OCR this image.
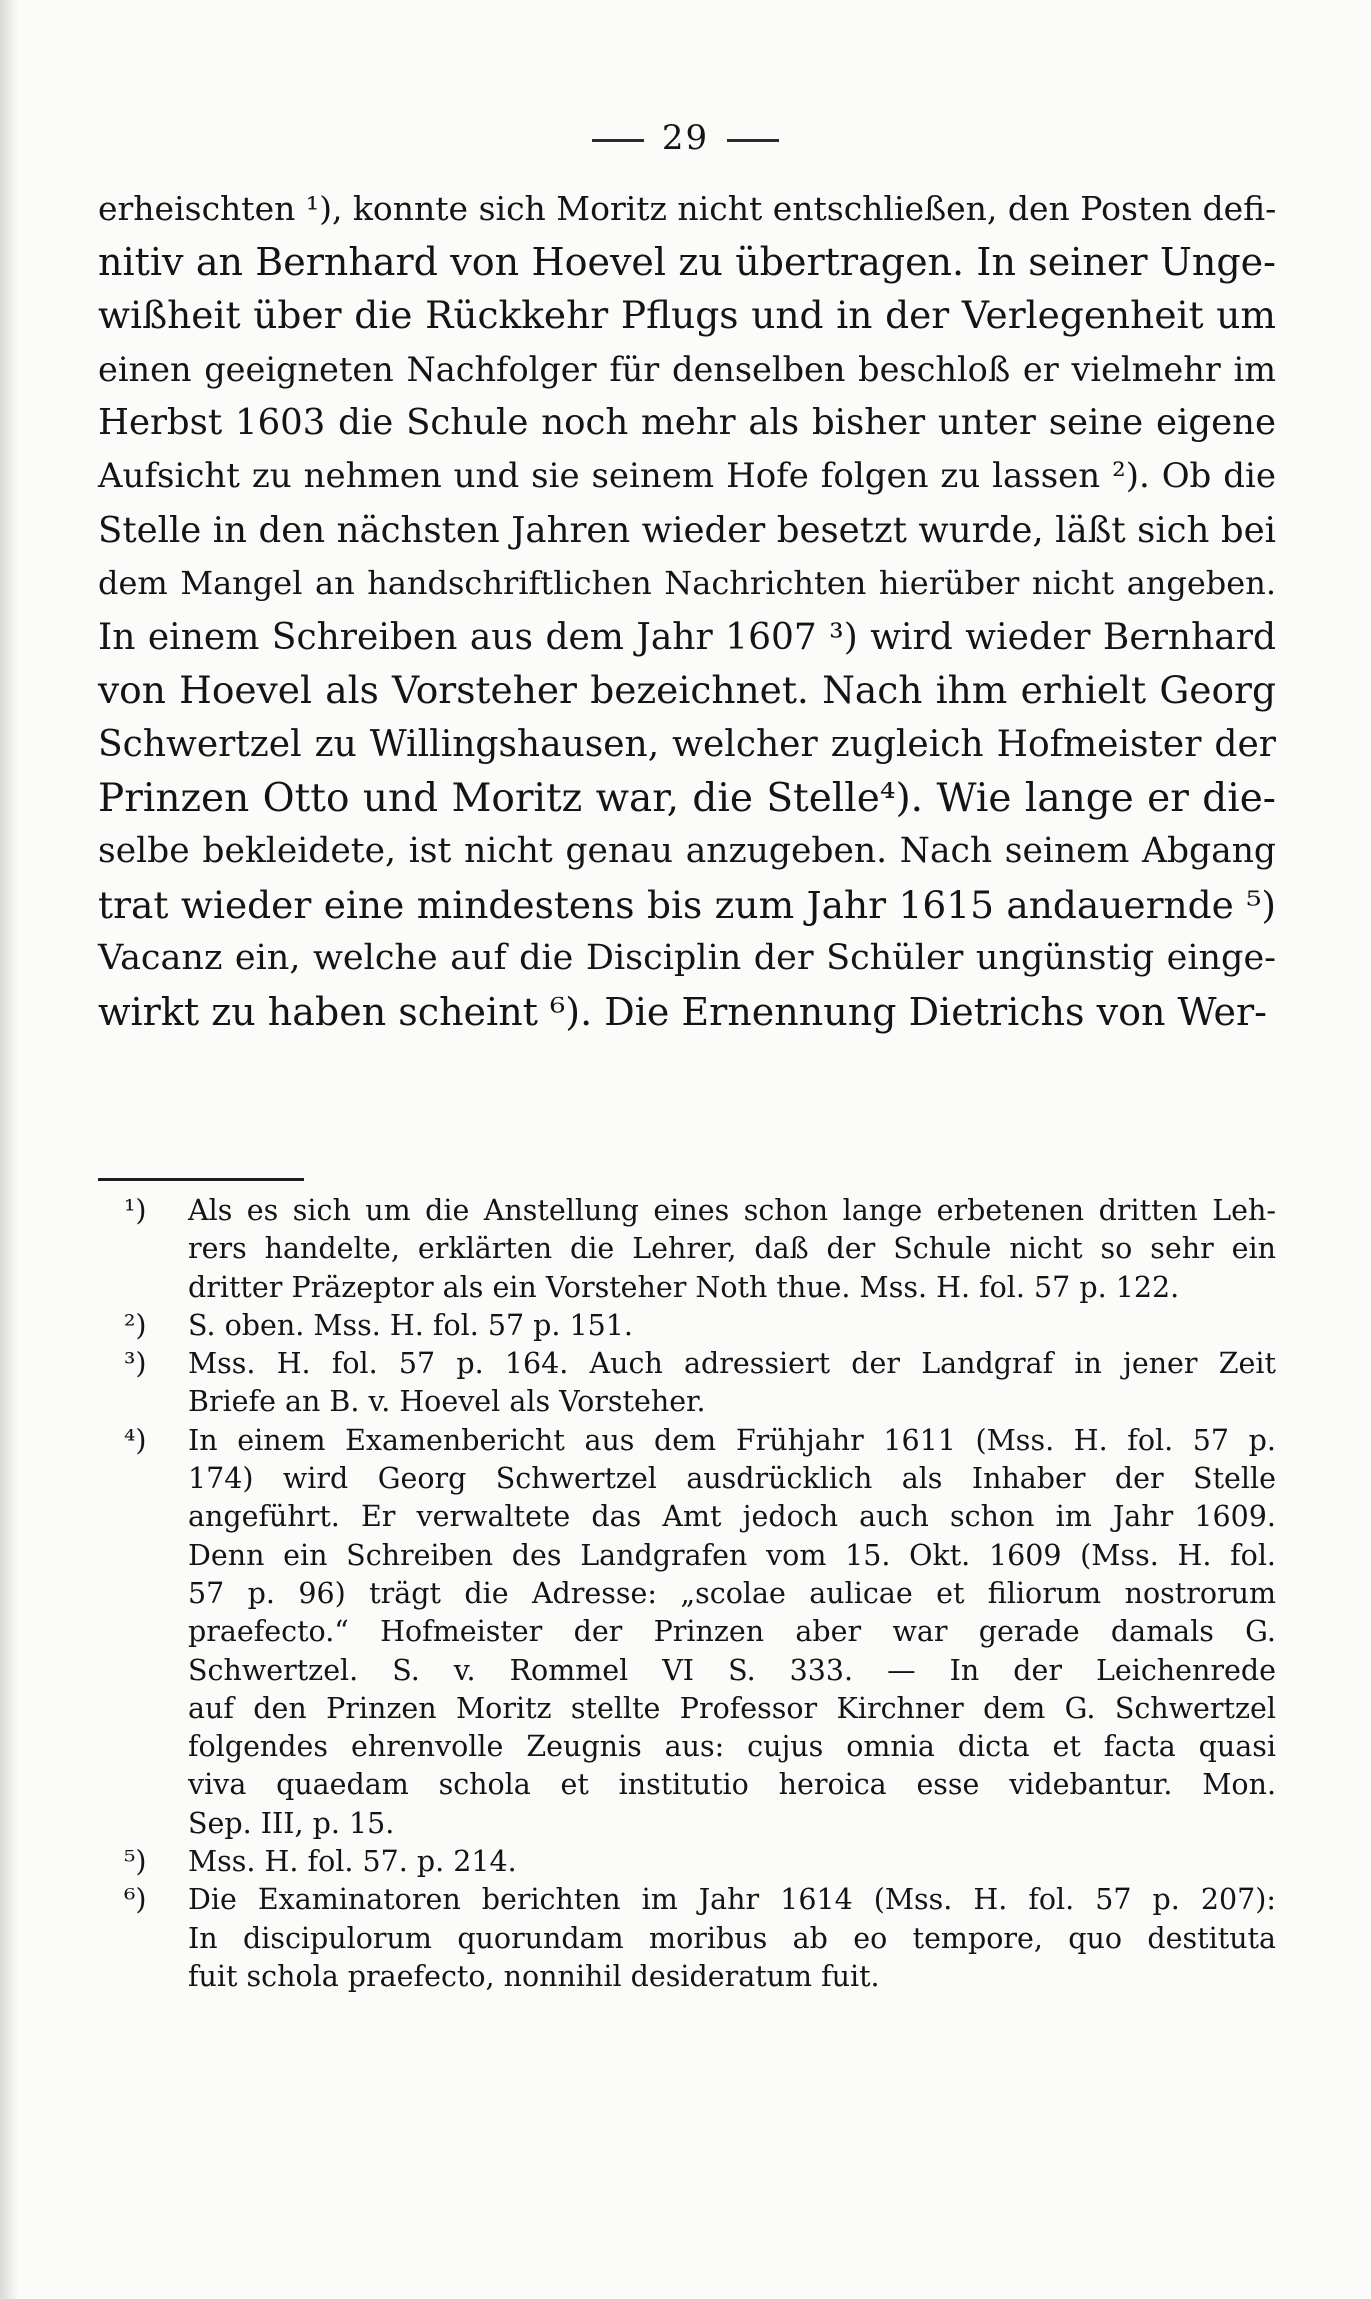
29
erheischten ¹), konnte sich Moritz nicht entschließen, den Posten defi-
nitiv an Bernhard von Hoevel zu übertragen. In seiner Unge-
wißheit über die Rückkehr Pflugs und in der Verlegenheit um
einen geeigneten Nachfolger für denselben beschloß er vielmehr im
Herbst 1603 die Schule noch mehr als bisher unter seine eigene
Aufsicht zu nehmen und sie seinem Hofe folgen zu lassen ²). Ob die
Stelle in den nächsten Jahren wieder besetzt wurde, läßt sich bei
dem Mangel an handschriftlichen Nachrichten hierüber nicht angeben.
In einem Schreiben aus dem Jahr 1607 ³) wird wieder Bernhard
von Hoevel als Vorsteher bezeichnet. Nach ihm erhielt Georg
Schwertzel zu Willingshausen, welcher zugleich Hofmeister der
Prinzen Otto und Moritz war, die Stelle⁴). Wie lange er die-
selbe bekleidete, ist nicht genau anzugeben. Nach seinem Abgang
trat wieder eine mindestens bis zum Jahr 1615 andauernde ⁵)
Vacanz ein, welche auf die Disciplin der Schüler ungünstig einge-
wirkt zu haben scheint ⁶). Die Ernennung Dietrichs von Wer-
¹)	Als es sich um die Anstellung eines schon lange erbetenen dritten Leh-
rers handelte, erklärten die Lehrer, daß der Schule nicht so sehr ein
dritter Präzeptor als ein Vorsteher Noth thue. Mss. H. fol. 57 p. 122.
²)	S. oben. Mss. H. fol. 57 p. 151.
³)	Mss. H. fol. 57 p. 164. Auch adressiert der Landgraf in jener Zeit
Briefe an B. v. Hoevel als Vorsteher.
⁴)	In einem Examenbericht aus dem Frühjahr 1611 (Mss. H. fol. 57 p.
174) wird Georg Schwertzel ausdrücklich als Inhaber der Stelle
angeführt. Er verwaltete das Amt jedoch auch schon im Jahr 1609.
Denn ein Schreiben des Landgrafen vom 15. Okt. 1609 (Mss. H. fol.
57 p. 96) trägt die Adresse: „scolae aulicae et filiorum nostrorum
praefecto.“ Hofmeister der Prinzen aber war gerade damals G.
Schwertzel. S. v. Rommel VI S. 333. — In der Leichenrede
auf den Prinzen Moritz stellte Professor Kirchner dem G. Schwertzel
folgendes ehrenvolle Zeugnis aus: cujus omnia dicta et facta quasi
viva quaedam schola et institutio heroica esse videbantur. Mon.
Sep. III, p. 15.
⁵)	Mss. H. fol. 57. p. 214.
⁶)	Die Examinatoren berichten im Jahr 1614 (Mss. H. fol. 57 p. 207):
In discipulorum quorundam moribus ab eo tempore, quo destituta
fuit schola praefecto, nonnihil desideratum fuit.
